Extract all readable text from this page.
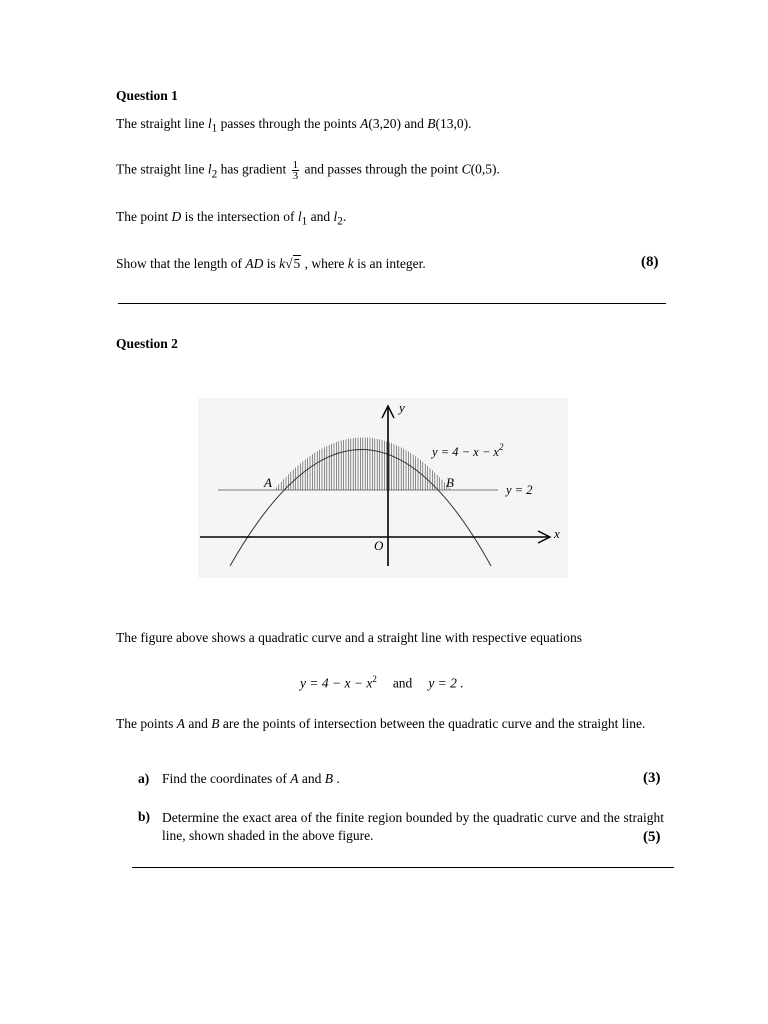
Question 1
The straight line $l_1$ passes through the points A(3,20) and B(13,0).
The straight line $l_2$ has gradient $\frac{1}{3}$ and passes through the point C(0,5).
The point D is the intersection of $l_1$ and $l_2$.
Show that the length of AD is k√5 , where k is an integer.	(8)
Question 2
y
x
O
A	B
$y = 4 - x - x^2$
y = 2
The figure above shows a quadratic curve and a straight line with respective equations
$y = 4 - x - x^2$ and y = 2 .
The points A and B are the points of intersection between the quadratic curve and the straight line.
a) Find the coordinates of A and B .	(3)
b) Determine the exact area of the finite region bounded by the quadratic curve and the straight line, shown shaded in the above figure.	(5)
